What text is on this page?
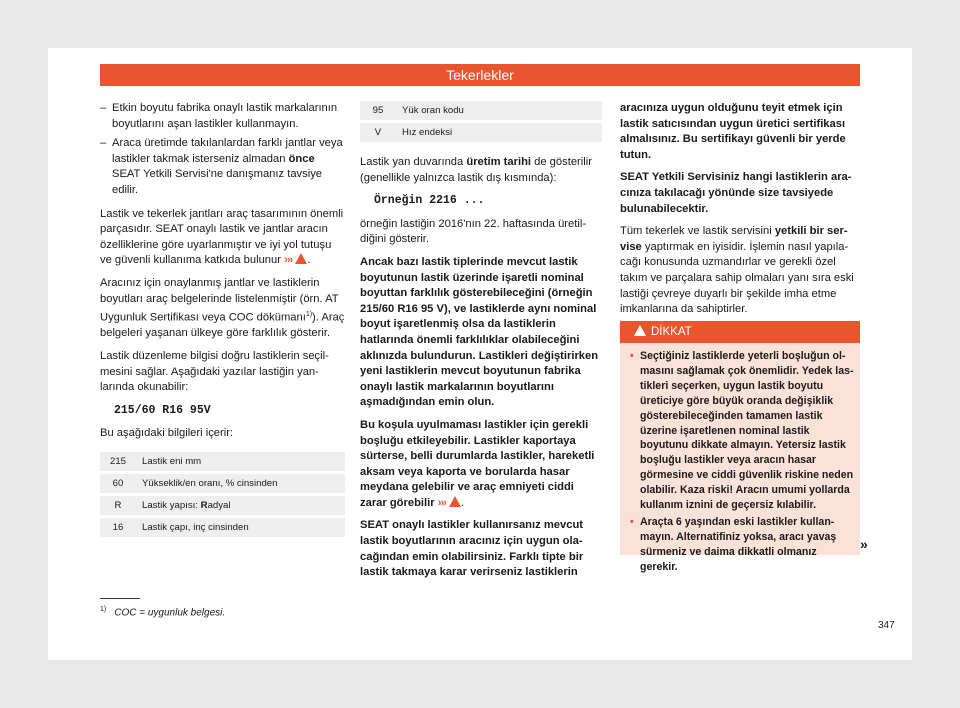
Tekerlekler
– Etkin boyutu fabrika onaylı lastik markalarının boyutlarını aşan lastikler kullanmayın.
– Araca üretimde takılanlardan farklı jantlar veya lastikler takmak isterseniz almadan önce SEAT Yetkili Servisi'ne danışmanız tavsiye edilir.

Lastik ve tekerlek jantları araç tasarımının önemli parçasıdır. SEAT onaylı lastik ve jantlar aracın özelliklerine göre uyarlanmıştır ve iyi yol tutuşu ve güvenli kullanıma katkıda bulunur ››› .

Aracınız için onaylanmış jantlar ve lastiklerin boyutları araç belgelerinde listelenmiştir (örn. AT Uygunluk Sertifikası veya COC dökümanı$^{1)}$). Araç belgeleri yaşanan ülkeye göre farklılık gösterir.

Lastik düzenleme bilgisi doğru lastiklerin seçilmesini sağlar. Aşağıdaki yazılar lastiğin yanlarında okunabilir:

215/60 R16 95V

Bu aşağıdaki bilgileri içerir:

215	Lastik eni mm
60	Yükseklik/en oranı, % cinsinden
R	Lastik yapısı: Radyal
16	Lastik çapı, inç cinsinden
95	Yük oran kodu
V	Hız endeksi

Lastik yan duvarında üretim tarihi de gösterilir (genellikle yalnızca lastik dış kısmında):

Örneğin 2216 ...

örneğin lastiğin 2016'nın 22. haftasında üretildiğini gösterir.

Ancak bazı lastik tiplerinde mevcut lastik boyutunun lastik üzerinde işaretli nominal boyuttan farklılık gösterebileceğini (örneğin 215/60 R16 95 V), ve lastiklerde aynı nominal boyut işaretlenmiş olsa da lastiklerin hatlarında önemli farklılıklar olabileceğini aklınızda bulundurun. Lastikleri değiştirirken yeni lastiklerin mevcut boyutunun fabrika onaylı lastik markalarının boyutlarını aşmadığından emin olun.

Bu koşula uyulmaması lastikler için gerekli boşluğu etkileyebilir. Lastikler kaportaya sürterse, belli durumlarda lastikler, hareketli aksam veya kaporta ve borularda hasar meydana gelebilir ve araç emniyeti ciddi zarar görebilir ››› .

SEAT onaylı lastikler kullanırsanız mevcut lastik boyutlarının aracınız için uygun olacağından emin olabilirsiniz. Farklı tipte bir lastik takmaya karar verirseniz lastiklerin

aracınıza uygun olduğunu teyit etmek için lastik satıcısından uygun üretici sertifikası almalısınız. Bu sertifikayı güvenli bir yerde tutun.

SEAT Yetkili Servisiniz hangi lastiklerin aracınıza takılacağı yönünde size tavsiyede bulunabilecektir.

Tüm tekerlek ve lastik servisini yetkili bir servise yaptırmak en iyisidir. İşlemin nasıl yapılacağı konusunda uzmandırlar ve gerekli özel takım ve parçalara sahip olmaları yanı sıra eski lastiği çevreye duyarlı bir şekilde imha etme imkanlarına da sahiptirler.

DİKKAT
• Seçtiğiniz lastiklerde yeterli boşluğun olmasını sağlamak çok önemlidir. Yedek lastikleri seçerken, uygun lastik boyutu üreticiye göre büyük oranda değişiklik gösterebileceğinden tamamen lastik üzerine işaretlenen nominal lastik boyutunu dikkate almayın. Yetersiz lastik boşluğu lastikler veya aracın hasar görmesine ve ciddi güvenlik riskine neden olabilir. Kaza riski! Aracın umumi yollarda kullanım iznini de geçersiz kılabilir.
• Araçta 6 yaşından eski lastikler kullanmayın. Alternatifiniz yoksa, aracı yavaş sürmeniz ve daima dikkatli olmanız gerekir.
»
$^{1)}$ COC = uygunluk belgesi.
347
